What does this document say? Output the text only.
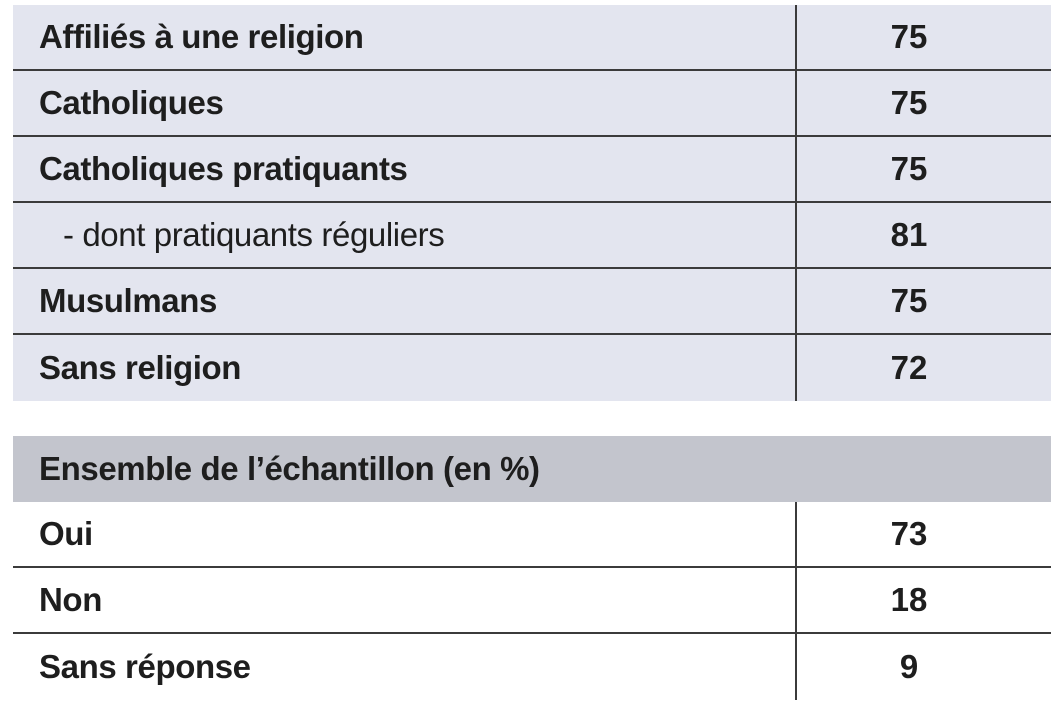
Affiliés à une religion	75
Catholiques	75
Catholiques pratiquants	75
- dont pratiquants réguliers	81
Musulmans	75
Sans religion	72
Ensemble de l’échantillon (en %)
Oui	73
Non	18
Sans réponse	9
